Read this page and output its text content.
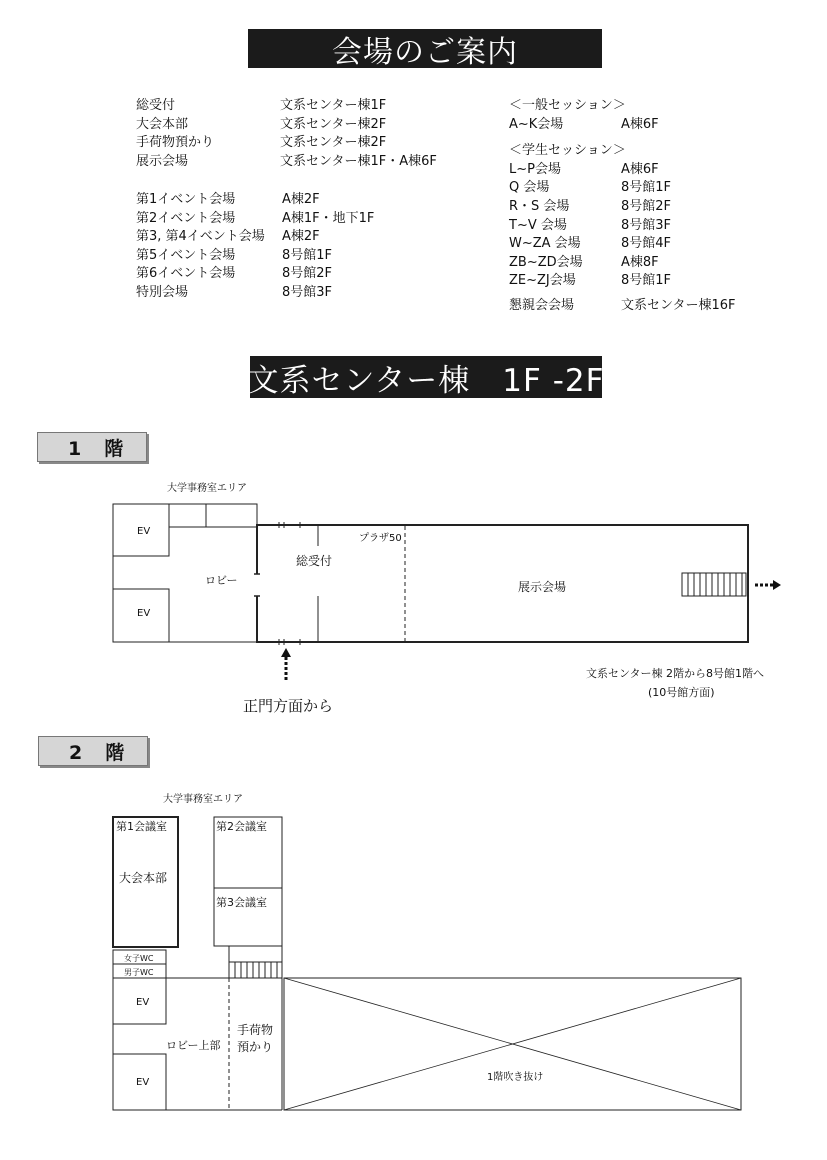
会場のご案内
文系センター棟　1F -2F
総受付	文系センター棟1F
大会本部	文系センター棟2F
手荷物預かり	文系センター棟2F
展示会場	文系センター棟1F・A棟6F
第1イベント会場	A棟2F
第2イベント会場	A棟1F・地下1F
第3, 第4イベント会場 A棟2F
第5イベント会場	8号館1F
第6イベント会場	8号館2F
特別会場	8号館3F
＜一般セッション＞
A~K会場	A棟6F
＜学生セッション＞
L~P会場	A棟6F
Q 会場	8号館1F
R・S 会場	8号館2F
T~V 会場	8号館3F
W~ZA 会場	8号館4F
ZB~ZD会場	A棟8F
ZE~ZJ会場	8号館1F
懇親会会場	文系センター棟16F
1　階
2　階
大学事務室エリア
EV
EV
ロビー
総受付
プラザ50
展示会場
正門方面から
文系センター棟 2階から8号館1階へ
(10号館方面)
大学事務室エリア
第1会議室
大会本部
第2会議室
第3会議室
女子WC
男子WC
EV
EV
ロビー上部
手荷物
預かり
1階吹き抜け
